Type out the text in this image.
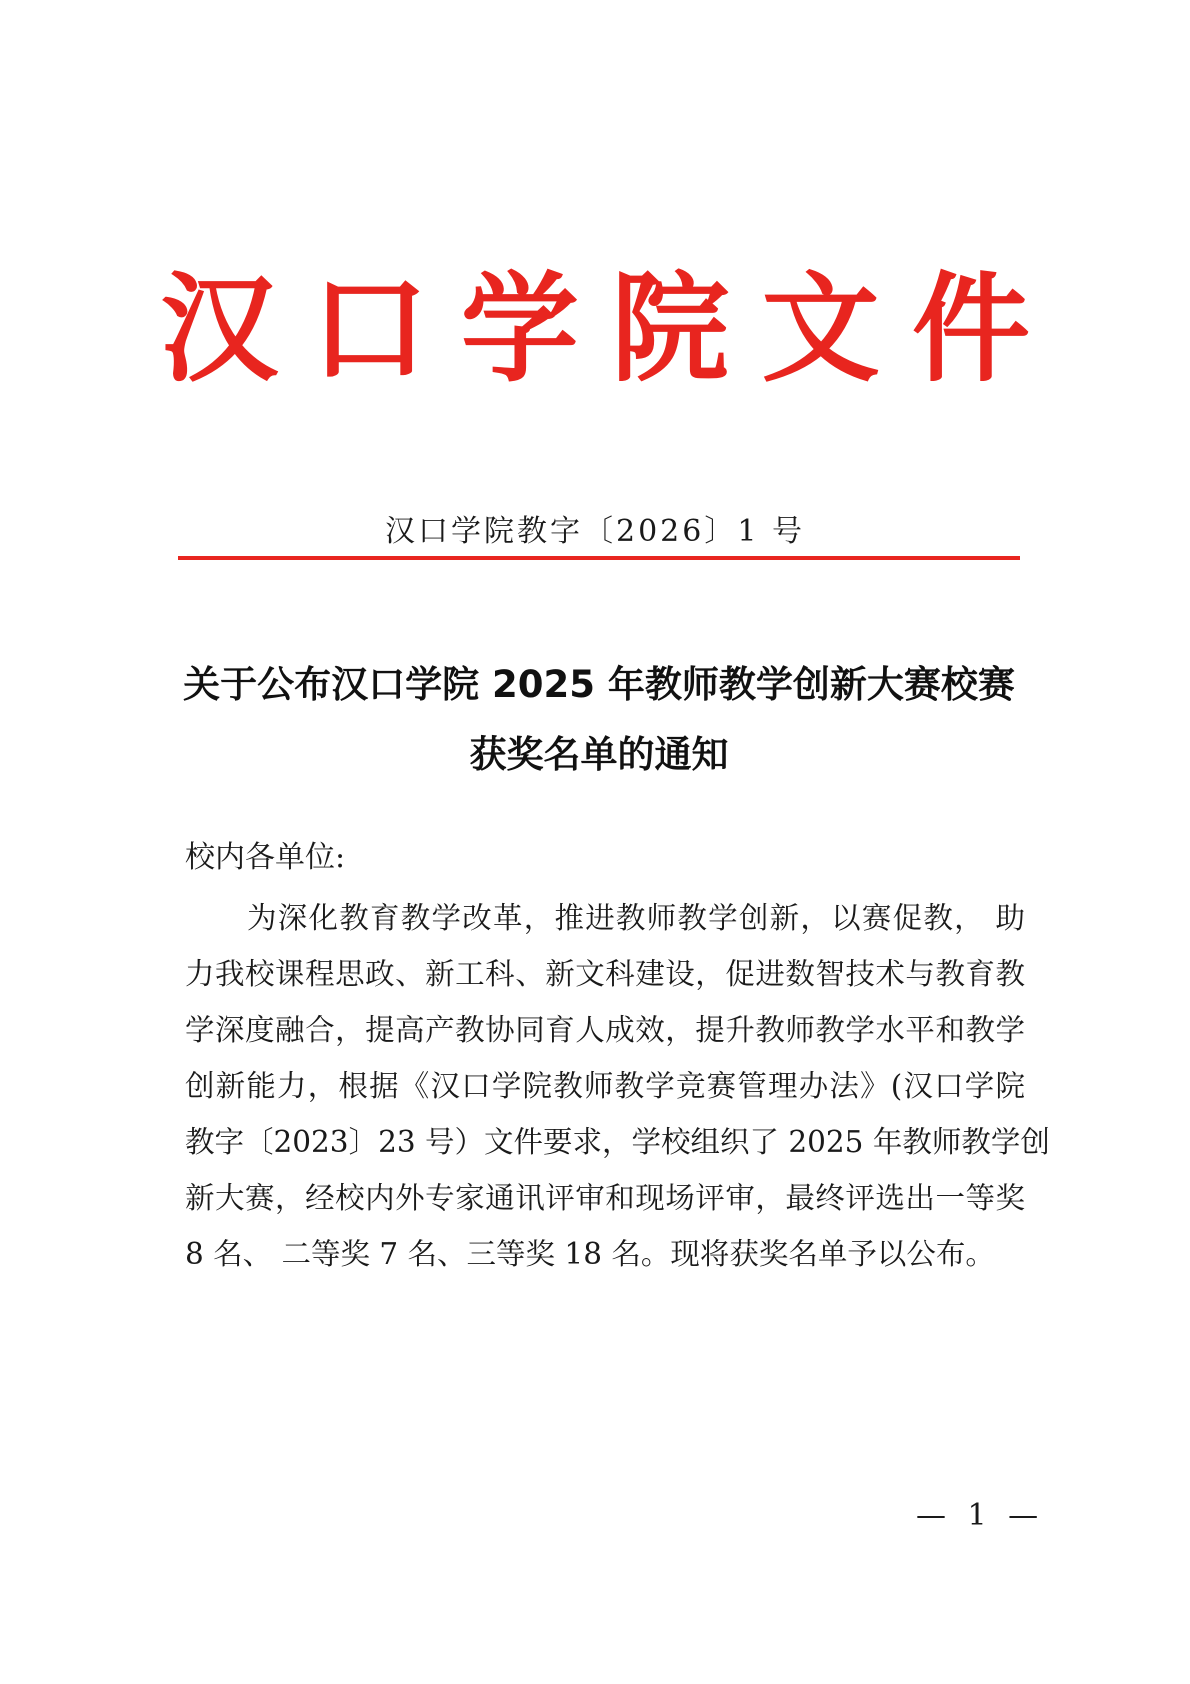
汉 口 学 院 文 件
汉口学院教字〔2026〕1 号
关于公布汉口学院 2025 年教师教学创新大赛校赛
获奖名单的通知
校内各单位:
为深化教育教学改革，推进教师教学创新，以赛促教， 助
力我校课程思政、新工科、新文科建设，促进数智技术与教育教
学深度融合，提高产教协同育人成效，提升教师教学水平和教学
创新能力，根据《汉口学院教师教学竞赛管理办法》(汉口学院
教字〔2023〕23 号）文件要求，学校组织了 2025 年教师教学创
新大赛，经校内外专家通讯评审和现场评审，最终评选出一等奖
8 名、 二等奖 7 名、三等奖 18 名。现将获奖名单予以公布。
— 1 —
